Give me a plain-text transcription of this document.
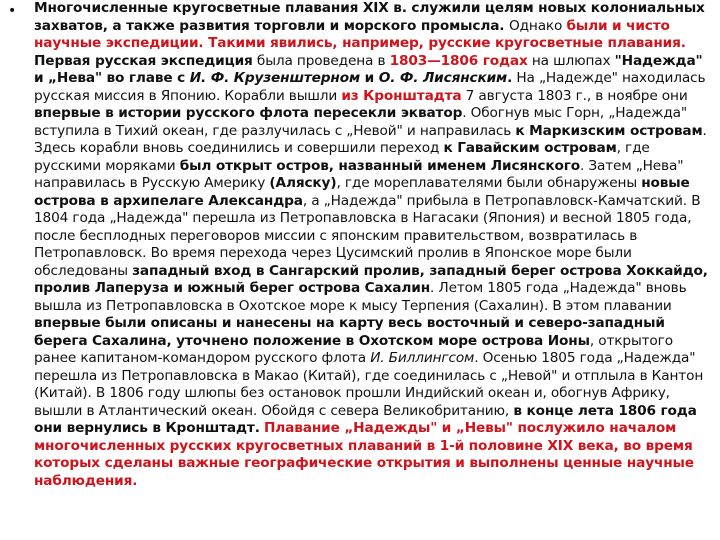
• Многочисленные кругосветные плавания XIX в. служили целям новых колониальных захватов, а также развития торговли и морского промысла. Однако были и чисто научные экспедиции. Такими явились, например, русские кругосветные плавания. Первая русская экспедиция была проведена в 1803—1806 годах на шлюпах "Надежда" и „Нева" во главе с И. Ф. Крузенштерном и О. Ф. Лисянским. На „Надежде" находилась русская миссия в Японию. Корабли вышли из Кронштадта 7 августа 1803 г., в ноябре они впервые в истории русского флота пересекли экватор. Обогнув мыс Горн, „Надежда" вступила в Тихий океан, где разлучилась с „Невой" и направилась к Маркизским островам. Здесь корабли вновь соединились и совершили переход к Гавайским островам, где русскими моряками был открыт остров, названный именем Лисянского. Затем „Нева" направилась в Русскую Америку (Аляску), где мореплавателями были обнаружены новые острова в архипелаге Александра, а „Надежда" прибыла в Петропавловск-Камчатский. В 1804 года „Надежда" перешла из Петропавловска в Нагасаки (Япония) и весной 1805 года, после бесплодных переговоров миссии с японским правительством, возвратилась в Петропавловск. Во время перехода через Цусимский пролив в Японское море были обследованы западный вход в Сангарский пролив, западный берег острова Хоккайдо, пролив Лаперуза и южный берег острова Сахалин. Летом 1805 года „Надежда" вновь вышла из Петропавловска в Охотское море к мысу Терпения (Сахалин). В этом плавании впервые были описаны и нанесены на карту весь восточный и северо-западный берега Сахалина, уточнено положение в Охотском море острова Ионы, открытого ранее капитаном-командором русского флота И. Биллингсом. Осенью 1805 года „Надежда" перешла из Петропавловска в Макао (Китай), где соединилась с „Невой" и отплыла в Кантон (Китай). В 1806 году шлюпы без остановок прошли Индийский океан и, обогнув Африку, вышли в Атлантический океан. Обойдя с севера Великобританию, в конце лета 1806 года они вернулись в Кронштадт. Плавание „Надежды" и „Невы" послужило началом многочисленных русских кругосветных плаваний в 1-й половине XIX века, во время которых сделаны важные географические открытия и выполнены ценные научные наблюдения.
